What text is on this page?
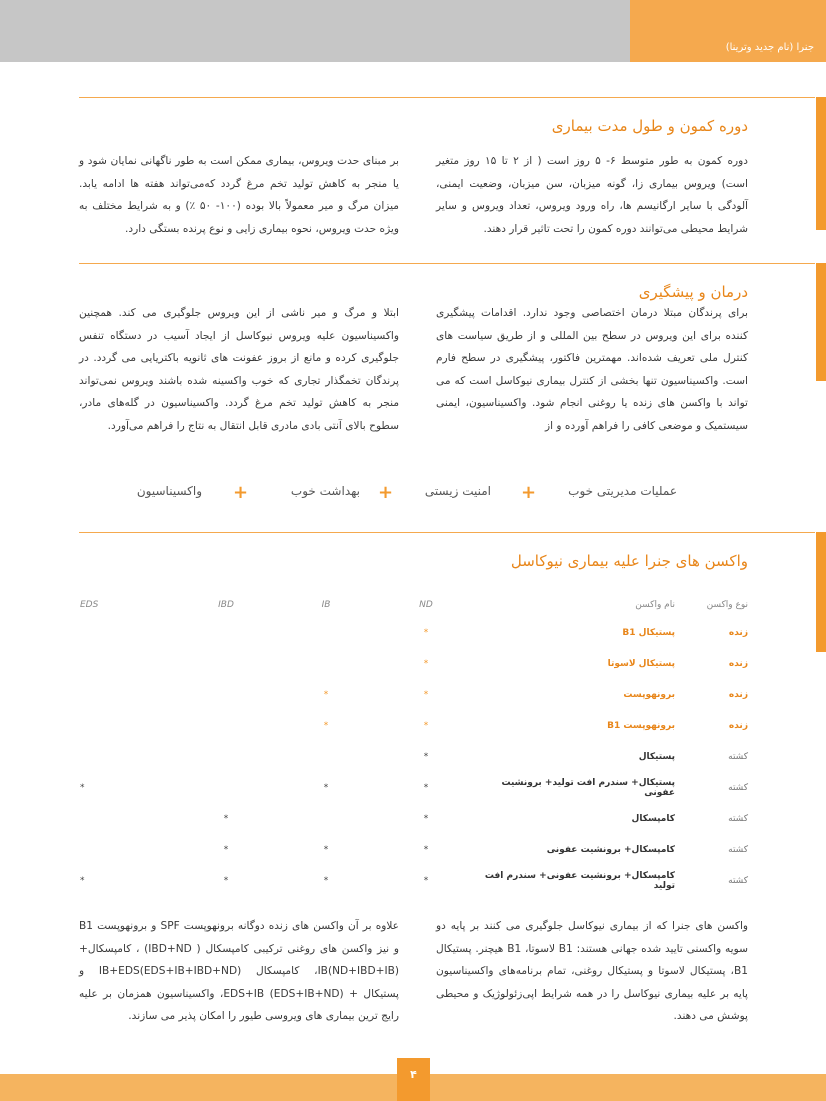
جنرا (نام جدید وترینا)
دوره کمون و طول مدت بیماری

دوره کمون به طور متوسط ۶- ۵ روز است ( از ۲ تا ۱۵ روز متغیر است) ویروس بیماری زا، گونه میزبان، سن میزبان، وضعیت ایمنی، آلودگی با سایر ارگانیسم ها، راه ورود ویروس، تعداد ویروس و سایر شرایط محیطی می‌توانند دوره کمون را تحت تاثیر قرار دهند.

بر مبنای حدت ویروس، بیماری ممکن است به طور ناگهانی نمایان شود و یا منجر به کاهش تولید تخم مرغ گردد که‌می‌تواند هفته ها ادامه یابد. میزان مرگ و میر معمولاً بالا بوده (۱۰۰- ۵۰ ٪) و به شرایط مختلف به ویژه حدت ویروس، نحوه بیماری زایی و نوع پرنده بستگی دارد.

درمان و پیشگیری

برای پرندگان مبتلا درمان اختصاصی وجود ندارد. اقدامات پیشگیری کننده برای این ویروس در سطح بین المللی و از طریق سیاست های کنترل ملی تعریف شده‌اند. مهمترین فاکتور، پیشگیری در سطح فارم است. واکسیناسیون تنها بخشی از کنترل بیماری نیوکاسل است که می تواند با واکسن های زنده یا روغنی انجام شود. واکسیناسیون، ایمنی سیستمیک و موضعی کافی را فراهم آورده و از

ابتلا و مرگ و میر ناشی از این ویروس جلوگیری می کند. همچنین واکسیناسیون علیه ویروس نیوکاسل از ایجاد آسیب در دستگاه تنفس جلوگیری کرده و مانع از بروز عفونت های ثانویه باکتریایی می گردد. در پرندگان تخمگذار تجاری که خوب واکسینه شده باشند ویروس نمی‌تواند منجر به کاهش تولید تخم مرغ گردد. واکسیناسیون در گله‌های مادر، سطوح بالای آنتی بادی مادری قابل انتقال به نتاج را فراهم می‌آورد.

عملیات مدیریتی خوب
+
امنیت زیستی
+
بهداشت خوب
+
واکسیناسیون
واکسن های جنرا علیه بیماری نیوکاسل
نوع واکسن	نام واکسن	ND	IB	IBD	EDS
زنده	پستیکال B1	*			
زنده	پستیکال لاسوتا	*			
زنده	برونهوپست	*	*		
زنده	برونهوپست B1	*	*		
کشته	پستیکال	*			
کشته	پستیکال+ سندرم افت تولید+ برونشیت عفونی	*	*		*
کشته	کامپسکال	*		*	
کشته	کامپسکال+ برونشیت عفونی	*	*	*	
کشته	کامپسکال+ برونشیت عفونی+ سندرم افت تولید	*	*	*	*

واکسن های جنرا که از بیماری نیوکاسل جلوگیری می کنند بر پایه دو سویه واکسنی تایید شده جهانی هستند: B1 لاسوتا، B1 هیچنر. پستیکال B1، پستیکال لاسوتا و پستیکال روغنی، تمام برنامه‌های واکسیناسیون پایه بر علیه بیماری نیوکاسل را در همه شرایط اپی‌زئولوژیک و محیطی پوشش می دهند.

علاوه بر آن واکسن های زنده دوگانه برونهوپست SPF و برونهوپست B1 و نیز واکسن های روغنی ترکیبی کامپسکال ( IBD+ND) ، کامپسکال+ IB(ND+IBD+IB)، کامپسکال IB+EDS(EDS+IB+IBD+ND) و پستیکال + EDS+IB (EDS+IB+ND)، واکسیناسیون همزمان بر علیه رایج ترین بیماری های ویروسی طیور را امکان پذیر می سازند.

۴
